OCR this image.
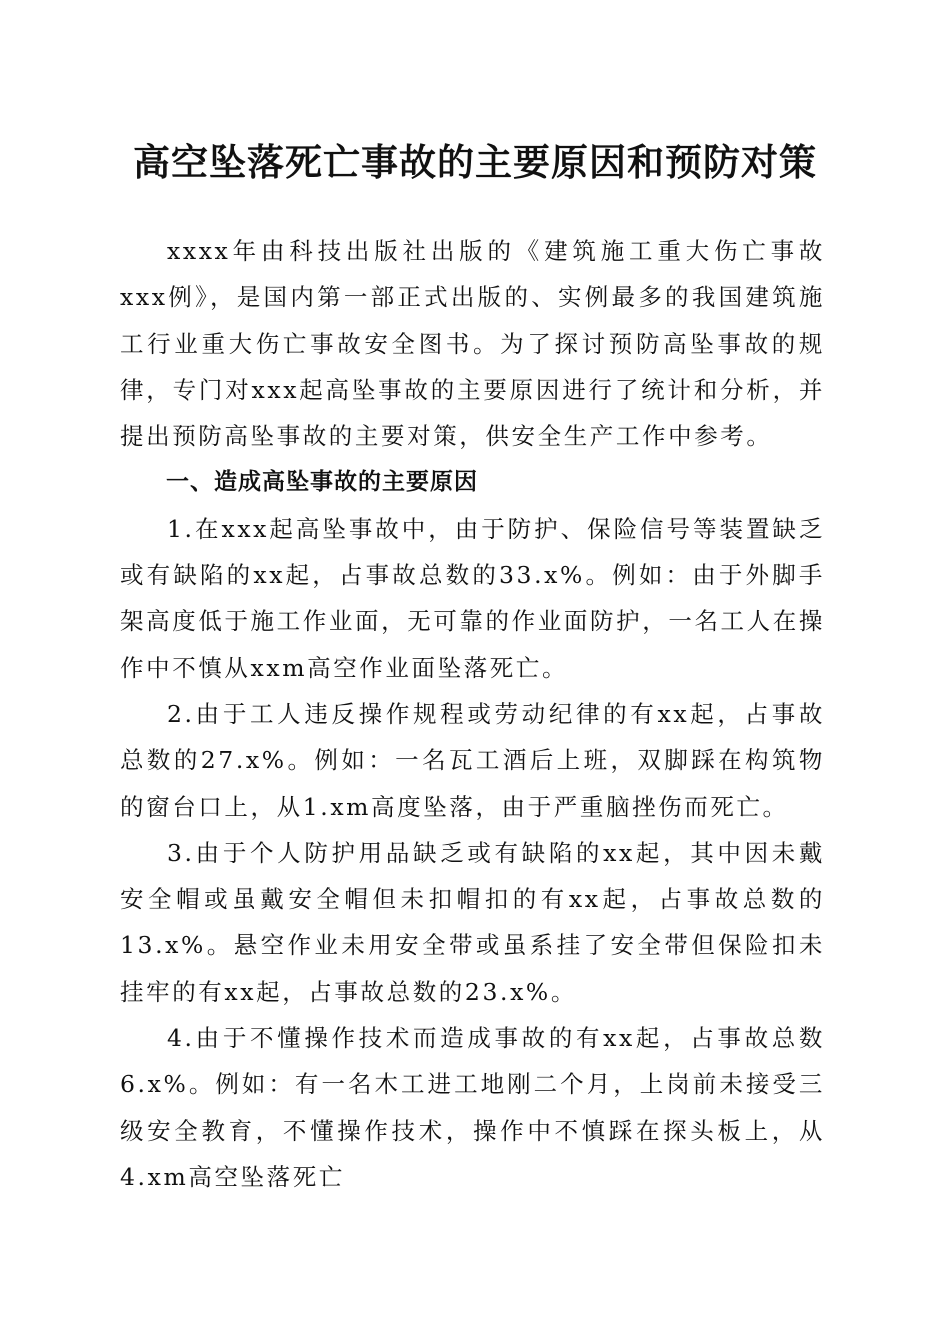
高空坠落死亡事故的主要原因和预防对策

xxxx年由科技出版社出版的《建筑施工重大伤亡事故xxx例》，是国内第一部正式出版的、实例最多的我国建筑施工行业重大伤亡事故安全图书。为了探讨预防高坠事故的规律，专门对xxx起高坠事故的主要原因进行了统计和分析，并提出预防高坠事故的主要对策，供安全生产工作中参考。

一、造成高坠事故的主要原因

1.在xxx起高坠事故中，由于防护、保险信号等装置缺乏或有缺陷的xx起，占事故总数的33.x%。例如：由于外脚手架高度低于施工作业面，无可靠的作业面防护，一名工人在操作中不慎从xxm高空作业面坠落死亡。

2.由于工人违反操作规程或劳动纪律的有xx起，占事故总数的27.x%。例如：一名瓦工酒后上班，双脚踩在构筑物的窗台口上，从1.xm高度坠落，由于严重脑挫伤而死亡。

3.由于个人防护用品缺乏或有缺陷的xx起，其中因未戴安全帽或虽戴安全帽但未扣帽扣的有xx起，占事故总数的13.x%。悬空作业未用安全带或虽系挂了安全带但保险扣未挂牢的有xx起，占事故总数的23.x%。

4.由于不懂操作技术而造成事故的有xx起，占事故总数6.x%。例如：有一名木工进工地刚二个月，上岗前未接受三级安全教育，不懂操作技术，操作中不慎踩在探头板上，从4.xm高空坠落死亡
